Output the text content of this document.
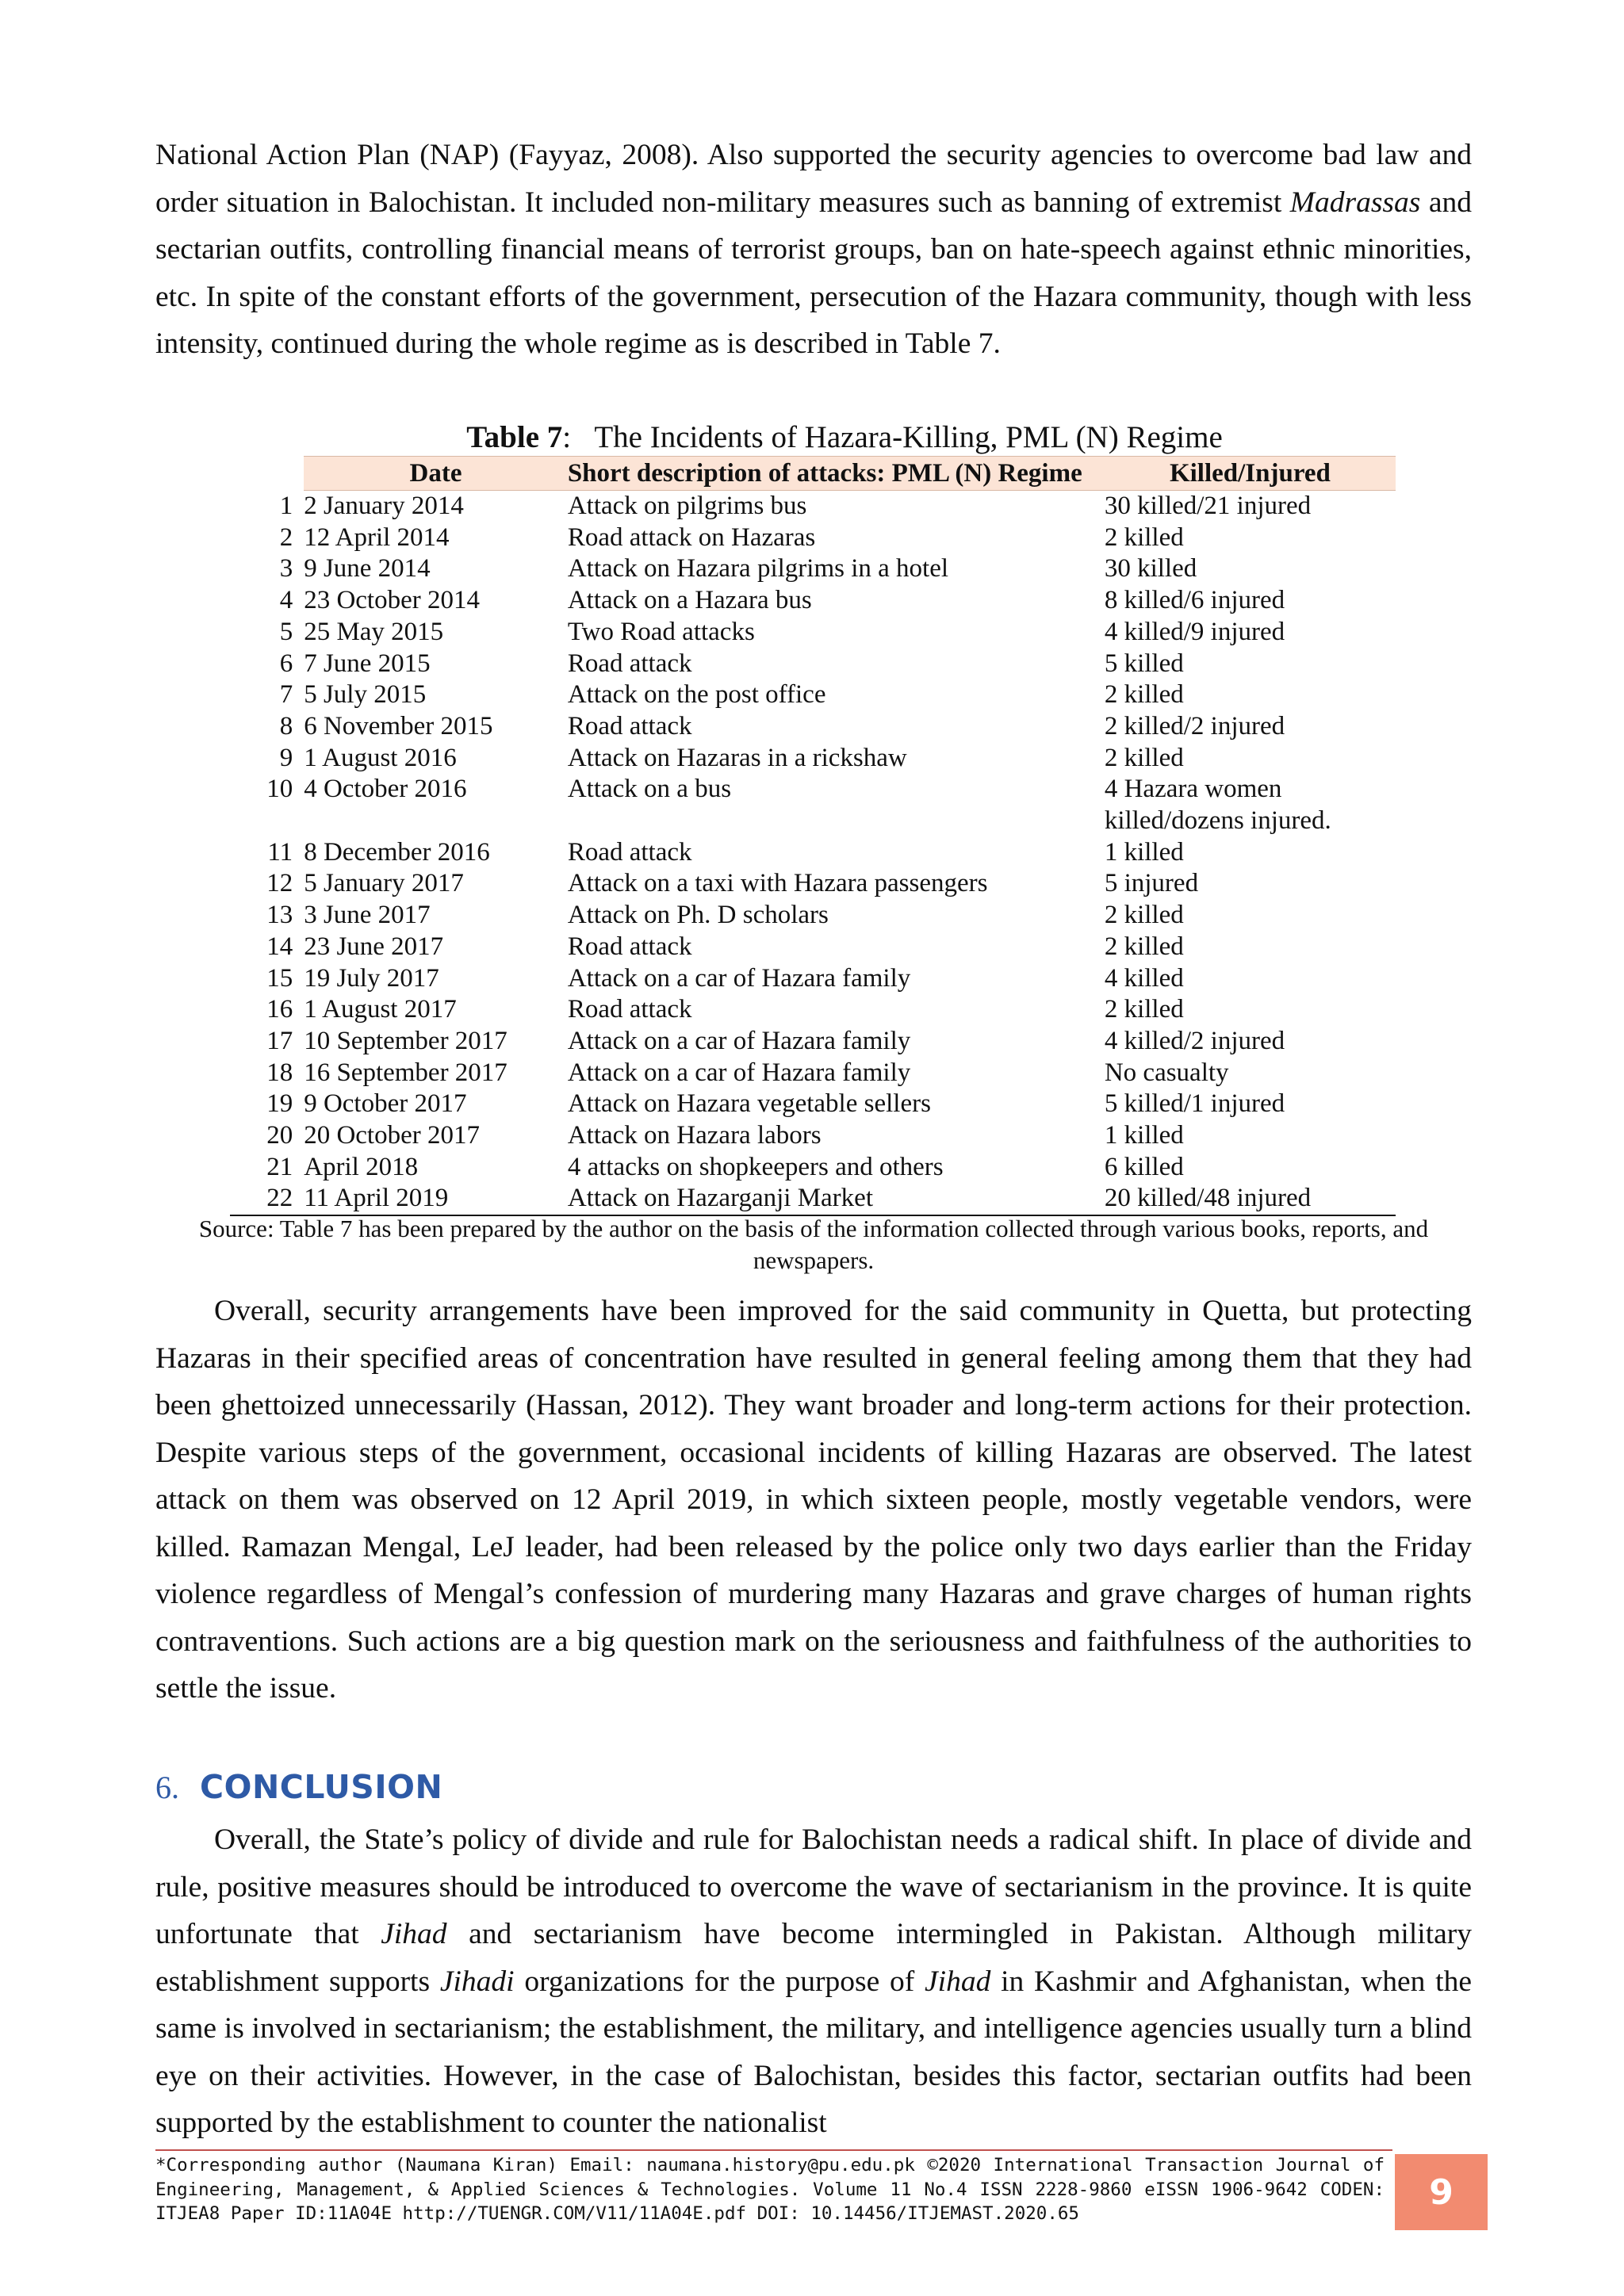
National Action Plan (NAP) (Fayyaz, 2008). Also supported the security agencies to overcome bad law and order situation in Balochistan. It included non-military measures such as banning of extremist Madrassas and sectarian outfits, controlling financial means of terrorist groups, ban on hate-speech against ethnic minorities, etc. In spite of the constant efforts of the government, persecution of the Hazara community, though with less intensity, continued during the whole regime as is described in Table 7.

Table 7: The Incidents of Hazara-Killing, PML (N) Regime
	Date	Short description of attacks: PML (N) Regime	Killed/Injured
1	2 January 2014	Attack on pilgrims bus	30 killed/21 injured
2	12 April 2014	Road attack on Hazaras	2 killed
3	9 June 2014	Attack on Hazara pilgrims in a hotel	30 killed
4	23 October 2014	Attack on a Hazara bus	8 killed/6 injured
5	25 May 2015	Two Road attacks	4 killed/9 injured
6	7 June 2015	Road attack	5 killed
7	5 July 2015	Attack on the post office	2 killed
8	6 November 2015	Road attack	2 killed/2 injured
9	1 August 2016	Attack on Hazaras in a rickshaw	2 killed
10	4 October 2016	Attack on a bus	4 Hazara women killed/dozens injured.
11	8 December 2016	Road attack	1 killed
12	5 January 2017	Attack on a taxi with Hazara passengers	5 injured
13	3 June 2017	Attack on Ph. D scholars	2 killed
14	23 June 2017	Road attack	2 killed
15	19 July 2017	Attack on a car of Hazara family	4 killed
16	1 August 2017	Road attack	2 killed
17	10 September 2017	Attack on a car of Hazara family	4 killed/2 injured
18	16 September 2017	Attack on a car of Hazara family	No casualty
19	9 October 2017	Attack on Hazara vegetable sellers	5 killed/1 injured
20	20 October 2017	Attack on Hazara labors	1 killed
21	April 2018	4 attacks on shopkeepers and others	6 killed
22	11 April 2019	Attack on Hazarganji Market	20 killed/48 injured

Source: Table 7 has been prepared by the author on the basis of the information collected through various books, reports, and newspapers.

Overall, security arrangements have been improved for the said community in Quetta, but protecting Hazaras in their specified areas of concentration have resulted in general feeling among them that they had been ghettoized unnecessarily (Hassan, 2012). They want broader and long-term actions for their protection. Despite various steps of the government, occasional incidents of killing Hazaras are observed. The latest attack on them was observed on 12 April 2019, in which sixteen people, mostly vegetable vendors, were killed. Ramazan Mengal, LeJ leader, had been released by the police only two days earlier than the Friday violence regardless of Mengal’s confession of murdering many Hazaras and grave charges of human rights contraventions. Such actions are a big question mark on the seriousness and faithfulness of the authorities to settle the issue.

6. CONCLUSION

Overall, the State’s policy of divide and rule for Balochistan needs a radical shift. In place of divide and rule, positive measures should be introduced to overcome the wave of sectarianism in the province. It is quite unfortunate that Jihad and sectarianism have become intermingled in Pakistan. Although military establishment supports Jihadi organizations for the purpose of Jihad in Kashmir and Afghanistan, when the same is involved in sectarianism; the establishment, the military, and intelligence agencies usually turn a blind eye on their activities. However, in the case of Balochistan, besides this factor, sectarian outfits had been supported by the establishment to counter the nationalist

*Corresponding author (Naumana Kiran) Email: naumana.history@pu.edu.pk ©2020 International Transaction Journal of Engineering, Management, & Applied Sciences & Technologies. Volume 11 No.4 ISSN 2228-9860 eISSN 1906-9642 CODEN: ITJEA8 Paper ID:11A04E http://TUENGR.COM/V11/11A04E.pdf DOI: 10.14456/ITJEMAST.2020.65

9
